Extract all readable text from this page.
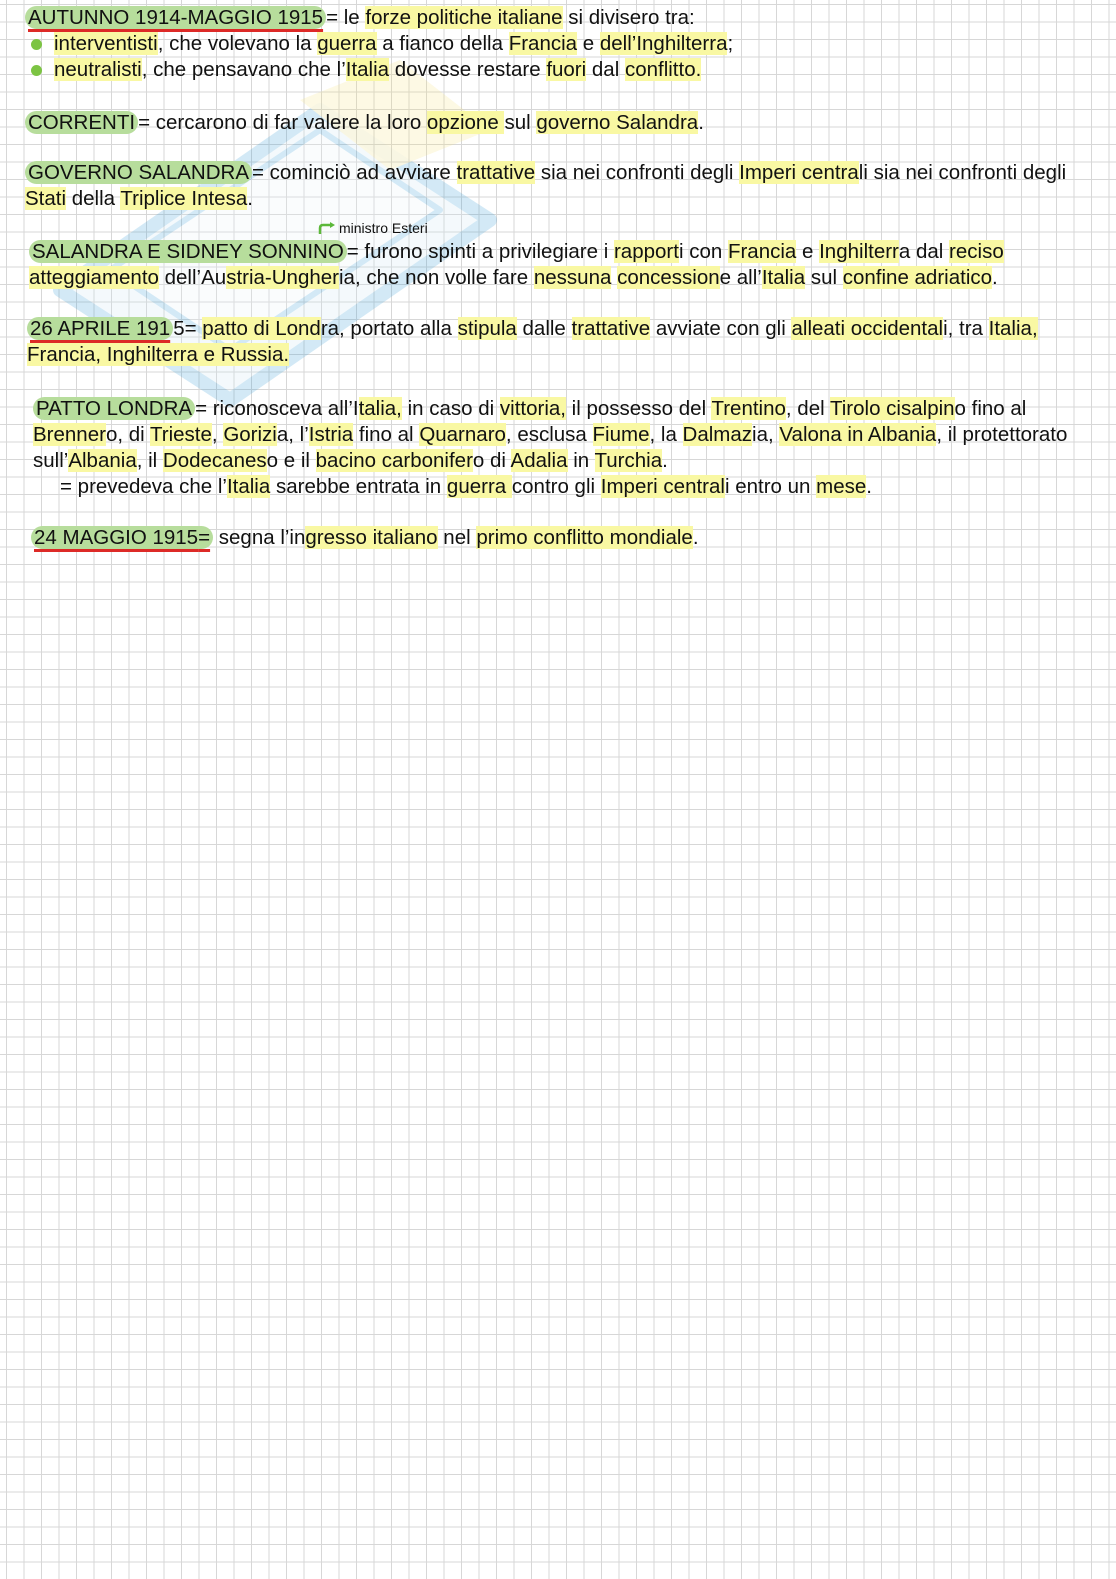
AUTUNNO 1914-MAGGIO 1915 = le forze politiche italiane si divisero tra:

interventisti, che volevano la guerra a fianco della Francia e dell’Inghilterra;
neutralisti, che pensavano che l’Italia dovesse restare fuori dal conflitto.

CORRENTI = cercarono di far valere la loro opzione sul governo Salandra.

GOVERNO SALANDRA = cominciò ad avviare trattative sia nei confronti degli Imperi centrali sia nei confronti degli Stati della Triplice Intesa.

ministro Esteri

SALANDRA E SIDNEY SONNINO = furono spinti a privilegiare i rapporti con Francia e Inghilterra dal reciso atteggiamento dell’Austria-Ungheria, che non volle fare nessuna concessione all’Italia sul confine adriatico.

26 APRILE 191 5= patto di Londra, portato alla stipula dalle trattative avviate con gli alleati occidentali, tra Italia, Francia, Inghilterra e Russia.

PATTO LONDRA = riconosceva all’Italia, in caso di vittoria, il possesso del Trentino, del Tirolo cisalpino fino al Brennero, di Trieste, Gorizia, l’Istria fino al Quarnaro, esclusa Fiume, la Dalmazia, Valona in Albania, il protettorato sull’Albania, il Dodecaneso e il bacino carbonifero di Adalia in Turchia.

= prevedeva che l’Italia sarebbe entrata in guerra contro gli Imperi centrali entro un mese.

24 MAGGIO 1915= segna l’ingresso italiano nel primo conflitto mondiale.
